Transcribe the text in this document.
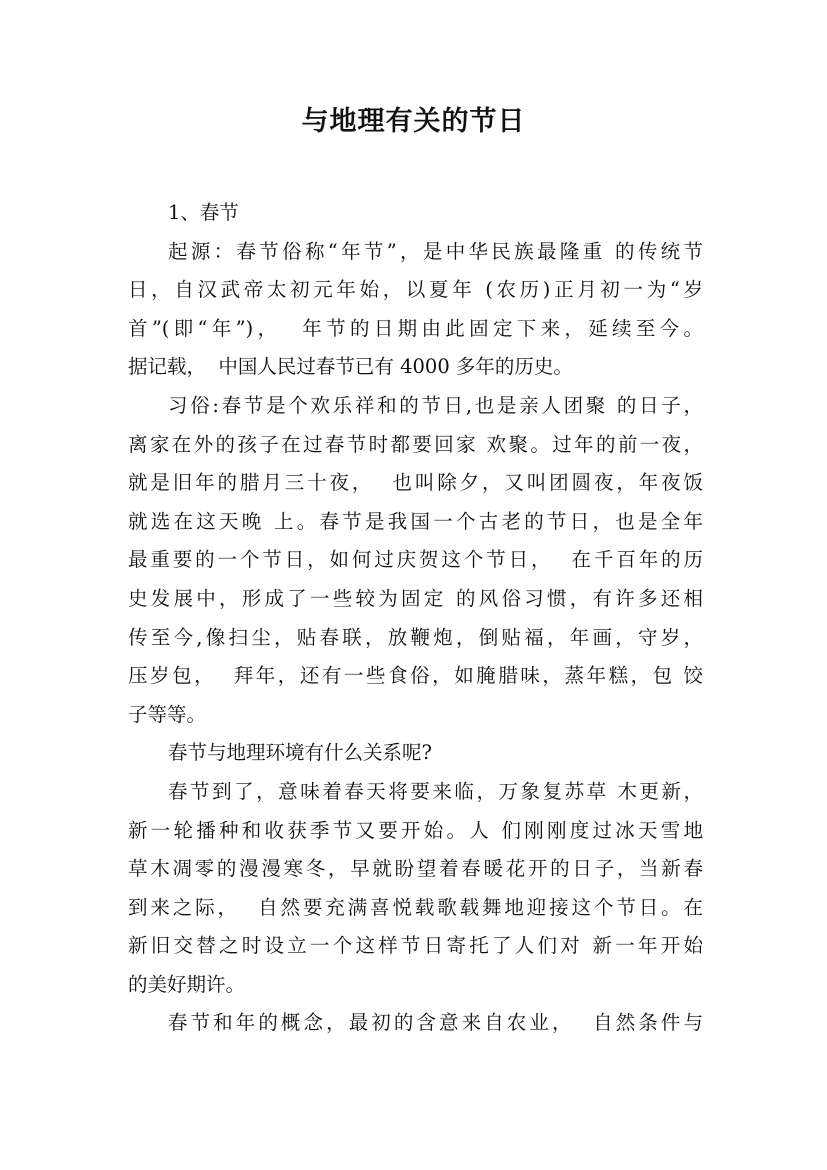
与地理有关的节日
1、春节
起源：春节俗称“年节”，是中华民族最隆重 的传统节
日，自汉武帝太初元年始，以夏年 (农历)正月初一为“岁
首”(即“年”)，  年节的日期由此固定下来，延续至今。
据记载，  中国人民过春节已有 4000 多年的历史。
习俗:春节是个欢乐祥和的节日,也是亲人团聚 的日子，
离家在外的孩子在过春节时都要回家 欢聚。过年的前一夜，
就是旧年的腊月三十夜，  也叫除夕，又叫团圆夜，年夜饭
就选在这天晚 上。春节是我国一个古老的节日，也是全年
最重要的一个节日，如何过庆贺这个节日，  在千百年的历
史发展中，形成了一些较为固定 的风俗习惯，有许多还相
传至今,像扫尘，贴春联，放鞭炮，倒贴福，年画，守岁，
压岁包，  拜年，还有一些食俗，如腌腊味，蒸年糕，包 饺
子等等。
春节与地理环境有什么关系呢?
春节到了，意味着春天将要来临，万象复苏草 木更新，
新一轮播种和收获季节又要开始。人 们刚刚度过冰天雪地
草木凋零的漫漫寒冬，早就盼望着春暖花开的日子，当新春
到来之际，  自然要充满喜悦载歌载舞地迎接这个节日。在
新旧交替之时设立一个这样节日寄托了人们对 新一年开始
的美好期许。
春节和年的概念，最初的含意来自农业，  自然条件与
